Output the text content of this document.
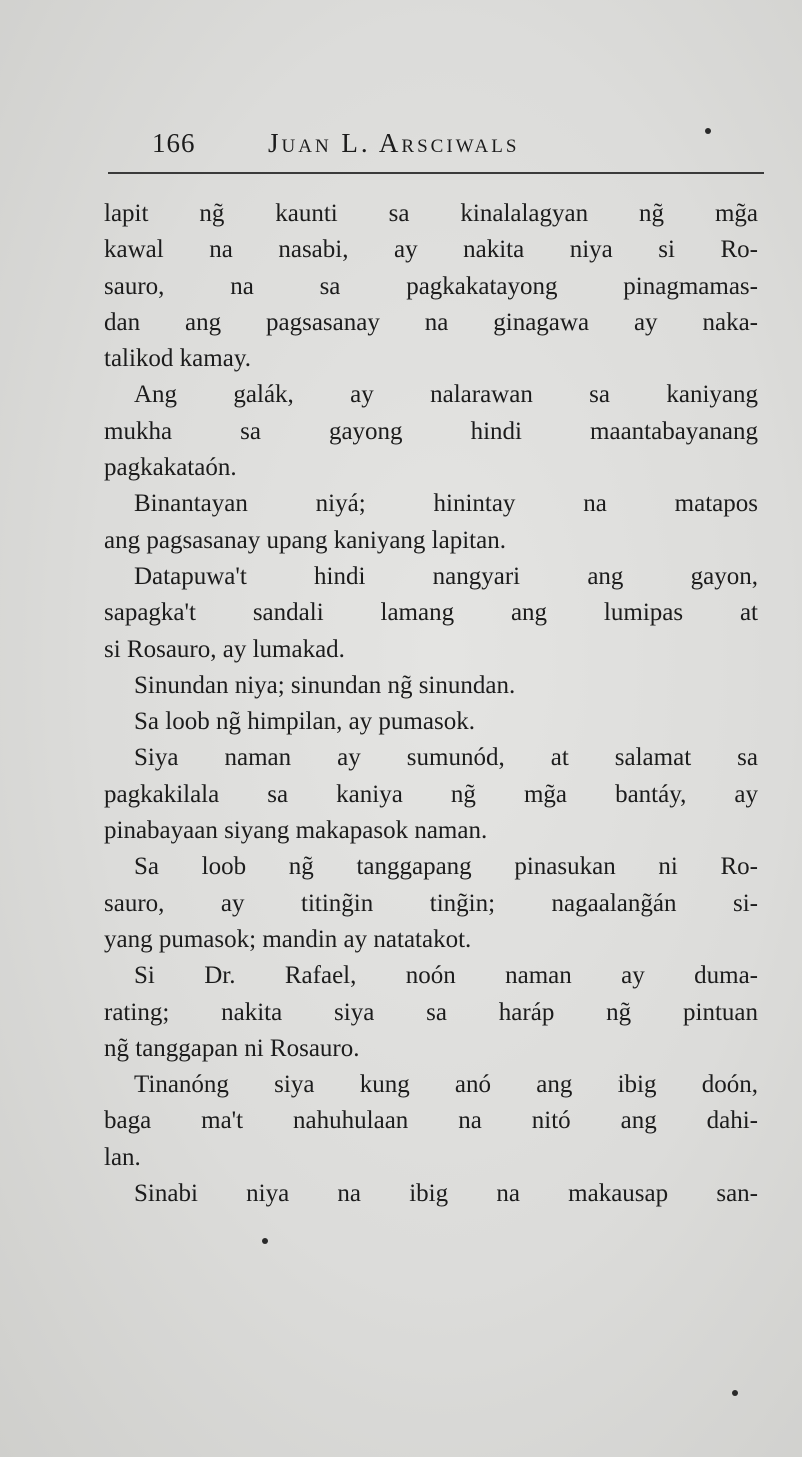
166	Juan L. Arsciwals
lapit ng̃ kaunti sa kinalalagyan ng̃ mg̃a
kawal na nasabi, ay nakita niya si Ro-
sauro, na sa pagkakatayong pinagmamas-
dan ang pagsasanay na ginagawa ay naka-
talikod kamay.
Ang galák, ay nalarawan sa kaniyang
mukha sa gayong hindi maantabayanang
pagkakataón.
Binantayan niyá; hinintay na matapos
ang pagsasanay upang kaniyang lapitan.
Datapuwa't hindi nangyari ang gayon,
sapagka't sandali lamang ang lumipas at
si Rosauro, ay lumakad.
Sinundan niya; sinundan ng̃ sinundan.
Sa loob ng̃ himpilan, ay pumasok.
Siya naman ay sumunód, at salamat sa
pagkakilala sa kaniya ng̃ mg̃a bantáy, ay
pinabayaan siyang makapasok naman.
Sa loob ng̃ tanggapang pinasukan ni Ro-
sauro, ay titing̃in ting̃in; nagaalang̃án si-
yang pumasok; mandin ay natatakot.
Si Dr. Rafael, noón naman ay duma-
rating; nakita siya sa haráp ng̃ pintuan
ng̃ tanggapan ni Rosauro.
Tinanóng siya kung anó ang ibig doón,
baga ma't nahuhulaan na nitó ang dahi-
lan.
Sinabi niya na ibig na makausap san-
